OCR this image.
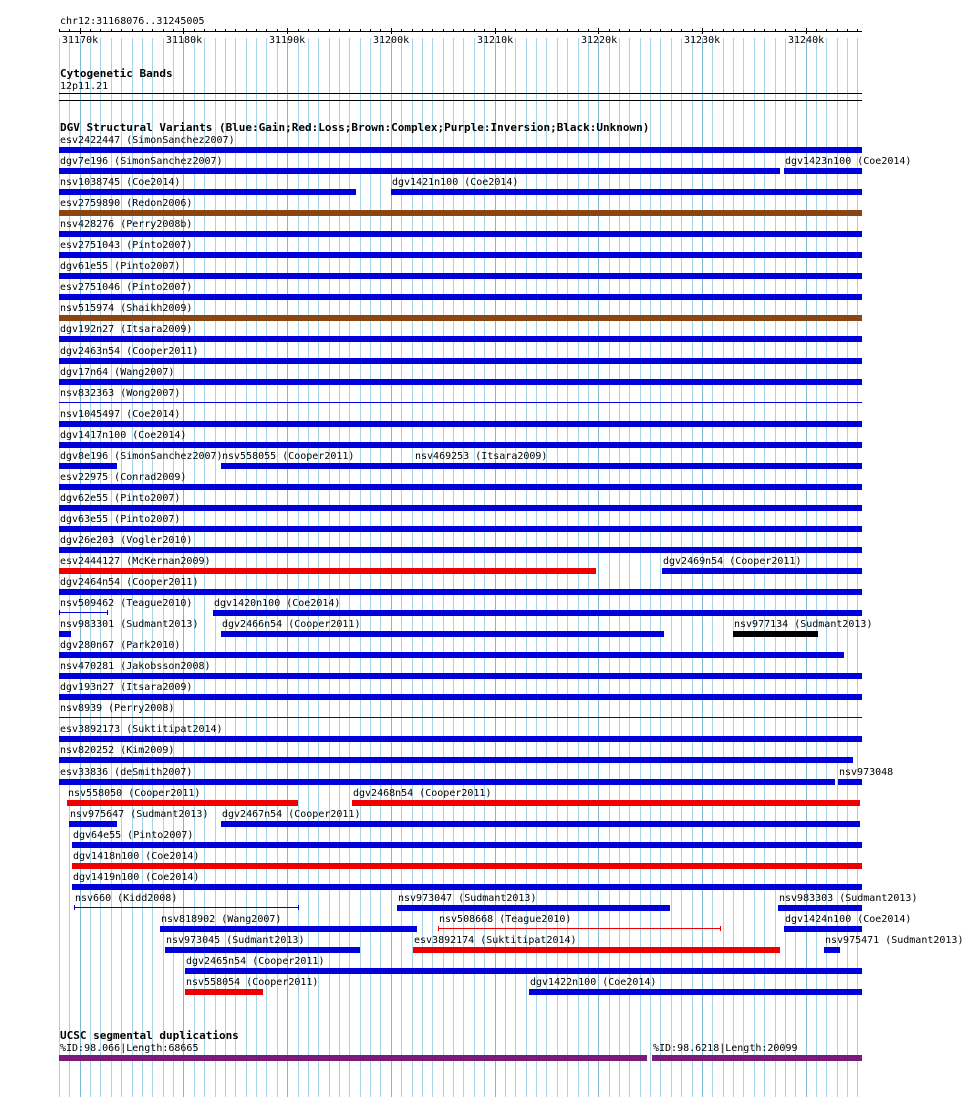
chr12:31168076..31245005
31170k	31180k	31190k	31200k	31210k	31220k	31230k	31240k
Cytogenetic Bands
12p11.21
DGV Structural Variants (Blue:Gain;Red:Loss;Brown:Complex;Purple:Inversion;Black:Unknown)
esv2422447 (SimonSanchez2007)
dgv7e196 (SimonSanchez2007)	dgv1423n100 (Coe2014)
nsv1038745 (Coe2014)	dgv1421n100 (Coe2014)
esv2759890 (Redon2006)
nsv428276 (Perry2008b)
esv2751043 (Pinto2007)
dgv61e55 (Pinto2007)
esv2751046 (Pinto2007)
nsv515974 (Shaikh2009)
dgv192n27 (Itsara2009)
dgv2463n54 (Cooper2011)
dgv17n64 (Wang2007)
nsv832363 (Wong2007)
nsv1045497 (Coe2014)
dgv1417n100 (Coe2014)
dgv8e196 (SimonSanchez2007) nsv558055 (Cooper2011)	nsv469253 (Itsara2009)
esv22975 (Conrad2009)
dgv62e55 (Pinto2007)
dgv63e55 (Pinto2007)
dgv26e203 (Vogler2010)
esv2444127 (McKernan2009)	dgv2469n54 (Cooper2011)
dgv2464n54 (Cooper2011)
nsv509462 (Teague2010) dgv1420n100 (Coe2014)
nsv983301 (Sudmant2013) dgv2466n54 (Cooper2011)	nsv977134 (Sudmant2013)
dgv280n67 (Park2010)
nsv470281 (Jakobsson2008)
dgv193n27 (Itsara2009)
nsv8939 (Perry2008)
esv3892173 (Suktitipat2014)
nsv820252 (Kim2009)
esv33836 (deSmith2007)	nsv973048
nsv558050 (Cooper2011)	dgv2468n54 (Cooper2011)
nsv975647 (Sudmant2013) dgv2467n54 (Cooper2011)
dgv64e55 (Pinto2007)
dgv1418n100 (Coe2014)
dgv1419n100 (Coe2014)
nsv660 (Kidd2008)	nsv973047 (Sudmant2013)	nsv983303 (Sudmant2013)
nsv818902 (Wang2007)	nsv508668 (Teague2010)	dgv1424n100 (Coe2014)
nsv973045 (Sudmant2013)	esv3892174 (Suktitipat2014)	nsv975471 (Sudmant2013)
dgv2465n54 (Cooper2011)
nsv558054 (Cooper2011)	dgv1422n100 (Coe2014)
UCSC segmental duplications
%ID:98.066|Length:68665	%ID:98.6218|Length:20099
